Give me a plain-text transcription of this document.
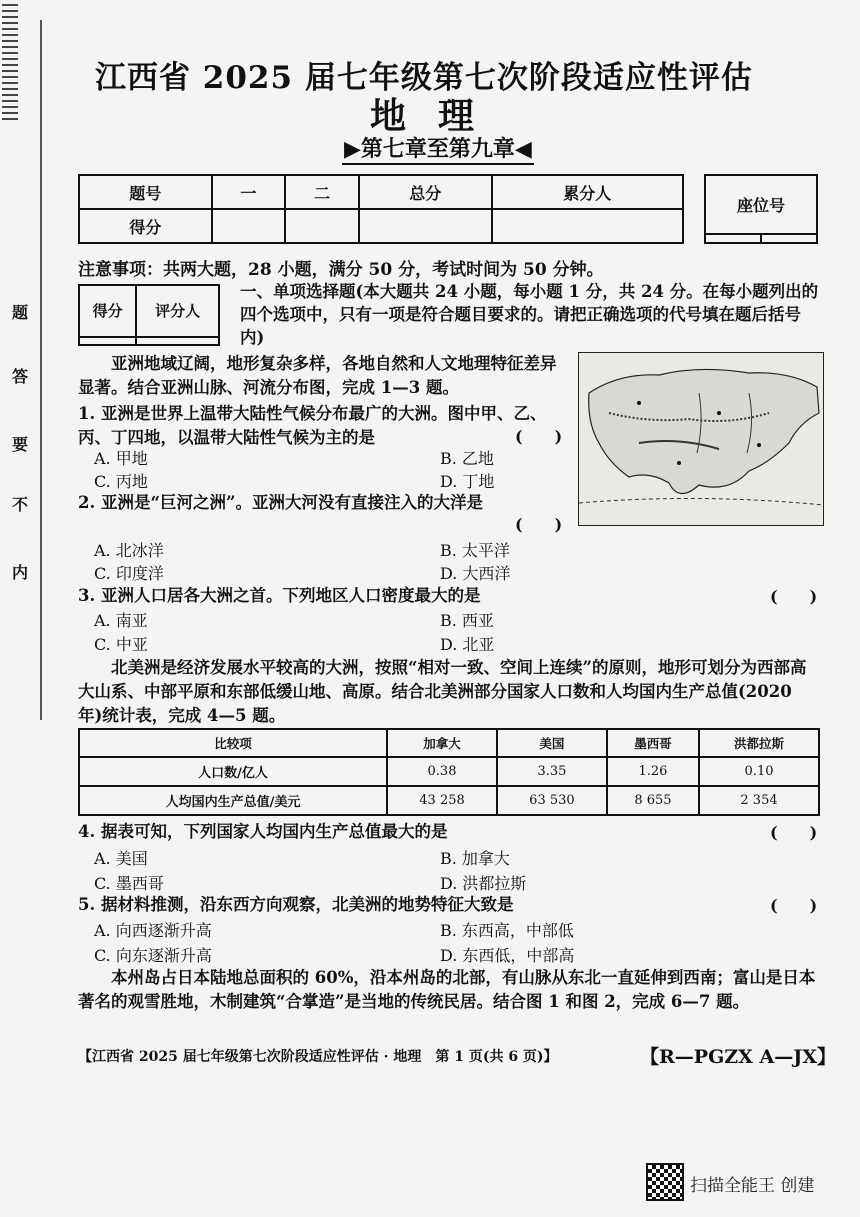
题
答
要
不
内
江西省 2025 届七年级第七次阶段适应性评估
地理
▶第七章至第九章◀
题号	一	二	总分	累分人
得分				
座位号

注意事项：共两大题，28 小题，满分 50 分，考试时间为 50 分钟。
得分	评分人

一、单项选择题(本大题共 24 小题，每小题 1 分，共 24 分。在每小题列出的四个选项中，只有一项是符合题目要求的。请把正确选项的代号填在题后括号内)
亚洲地域辽阔，地形复杂多样，各地自然和人文地理特征差异显著。结合亚洲山脉、河流分布图，完成 1—3 题。
1. 亚洲是世界上温带大陆性气候分布最广的大洲。图中甲、乙、丙、丁四地，以温带大陆性气候为主的是	(　　)
A. 甲地	B. 乙地
C. 丙地	D. 丁地
2. 亚洲是“巨河之洲”。亚洲大河没有直接注入的大洋是
(　　)
A. 北冰洋	B. 太平洋
C. 印度洋	D. 大西洋
3. 亚洲人口居各大洲之首。下列地区人口密度最大的是	(　　)
A. 南亚	B. 西亚
C. 中亚	D. 北亚
北美洲是经济发展水平较高的大洲，按照“相对一致、空间上连续”的原则，地形可划分为西部高大山系、中部平原和东部低缓山地、高原。结合北美洲部分国家人口数和人均国内生产总值(2020 年)统计表，完成 4—5 题。
比较项	加拿大	美国	墨西哥	洪都拉斯
人口数/亿人	0.38	3.35	1.26	0.10
人均国内生产总值/美元	43 258	63 530	8 655	2 354
4. 据表可知，下列国家人均国内生产总值最大的是	(　　)
A. 美国	B. 加拿大
C. 墨西哥	D. 洪都拉斯
5. 据材料推测，沿东西方向观察，北美洲的地势特征大致是	(　　)
A. 向西逐渐升高	B. 东西高，中部低
C. 向东逐渐升高	D. 东西低，中部高
本州岛占日本陆地总面积的 60%，沿本州岛的北部，有山脉从东北一直延伸到西南；富山是日本著名的观雪胜地，木制建筑“合掌造”是当地的传统民居。结合图 1 和图 2，完成 6—7 题。
【江西省 2025 届七年级第七次阶段适应性评估 · 地理　第 1 页(共 6 页)】	【R—PGZX A—JX】
扫描全能王 创建
